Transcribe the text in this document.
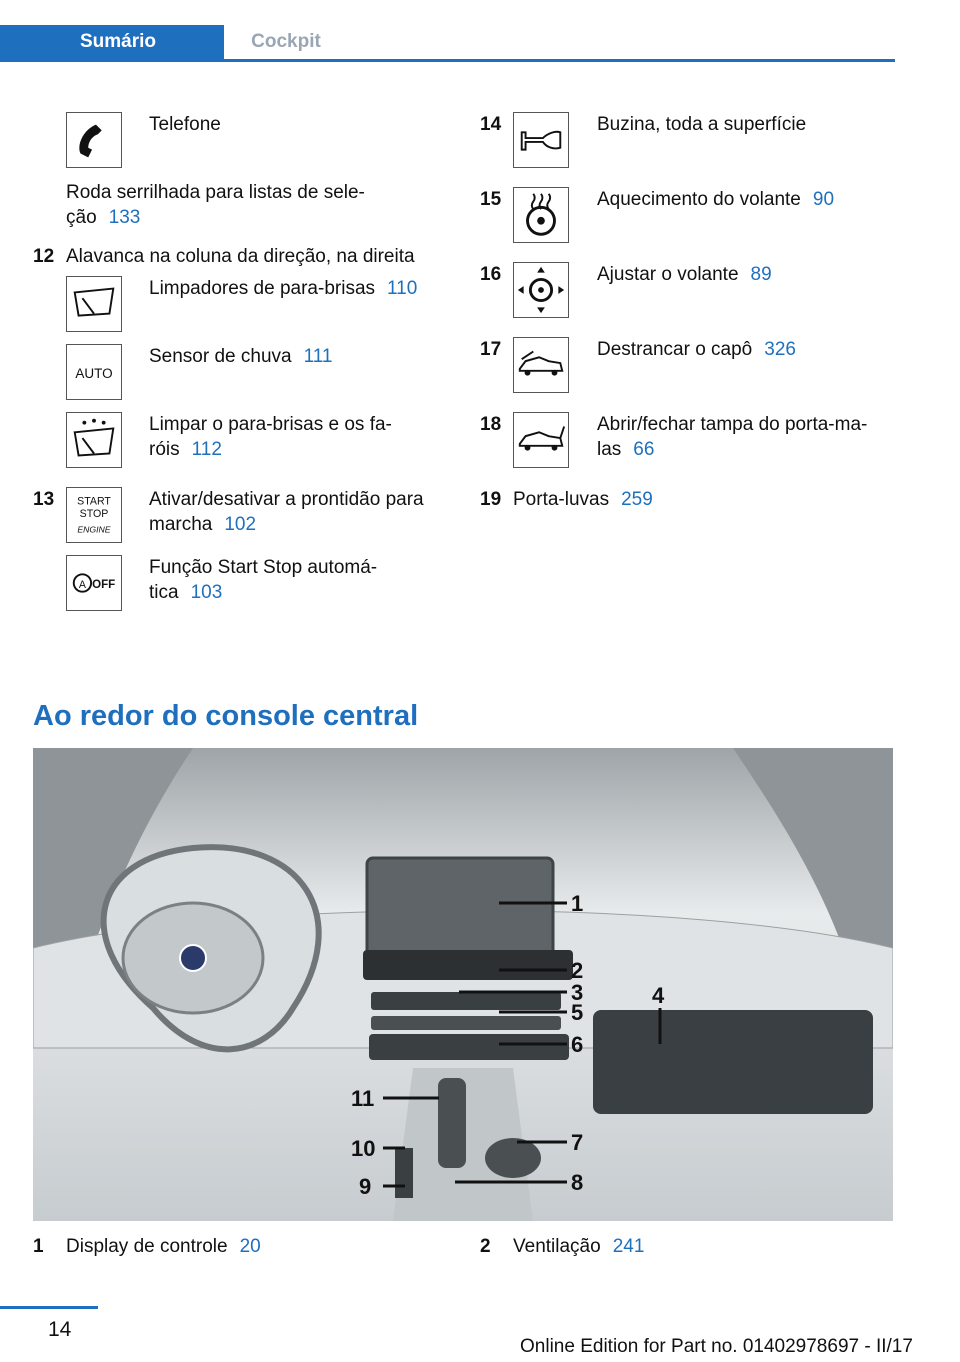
Sumário	Cockpit
Telefone
Roda serrilhada para listas de sele-
ção 133
12 Alavanca na coluna da direção, na direita
Limpadores de para-brisas 110
AUTO
Sensor de chuva 111
Limpar o para-brisas e os fa-
róis 112
13 START
STOP
ENGINE
Ativar/desativar a prontidão para
marcha 102
A OFF
Função Start Stop automá-
tica 103
14	Buzina, toda a superfície
15	Aquecimento do volante 90
16	Ajustar o volante 89
17	Destrancar o capô 326
18	Abrir/fechar tampa do porta-ma-
las 66
19 Porta-luvas 259
Ao redor do console central
1
2
3	4
5
6
7
8
9
10
11
1 Display de controle 20	2 Ventilação 241
14
Online Edition for Part no. 01402978697 - II/17
